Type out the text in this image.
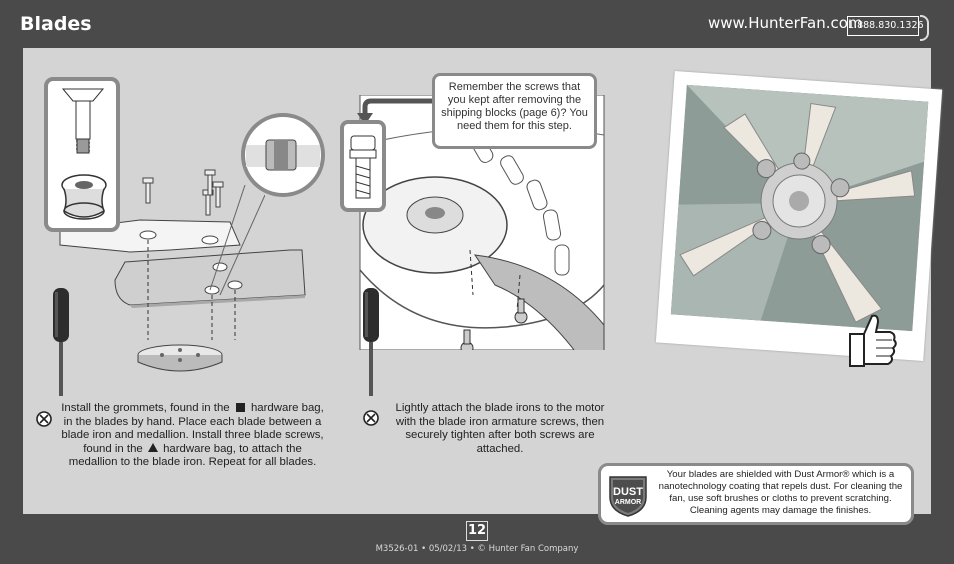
Blades	www.HunterFan.com
1.888.830.1326
Remember the screws that you kept after removing the shipping blocks (page 6)? You need them for this step.
Install the grommets, found in the hardware bag, in the blades by hand. Place each blade between a blade iron and medallion. Install three blade screws, found in the hardware bag, to attach the medallion to the blade iron. Repeat for all blades.
Lightly attach the blade irons to the motor with the blade iron armature screws, then securely tighten after both screws are attached.
DUST
ARMOR
Your blades are shielded with Dust Armor® which is a nanotechnology coating that repels dust. For cleaning the fan, use soft brushes or cloths to prevent scratching. Cleaning agents may damage the finishes.
12
M3526-01 • 05/02/13 • © Hunter Fan Company
